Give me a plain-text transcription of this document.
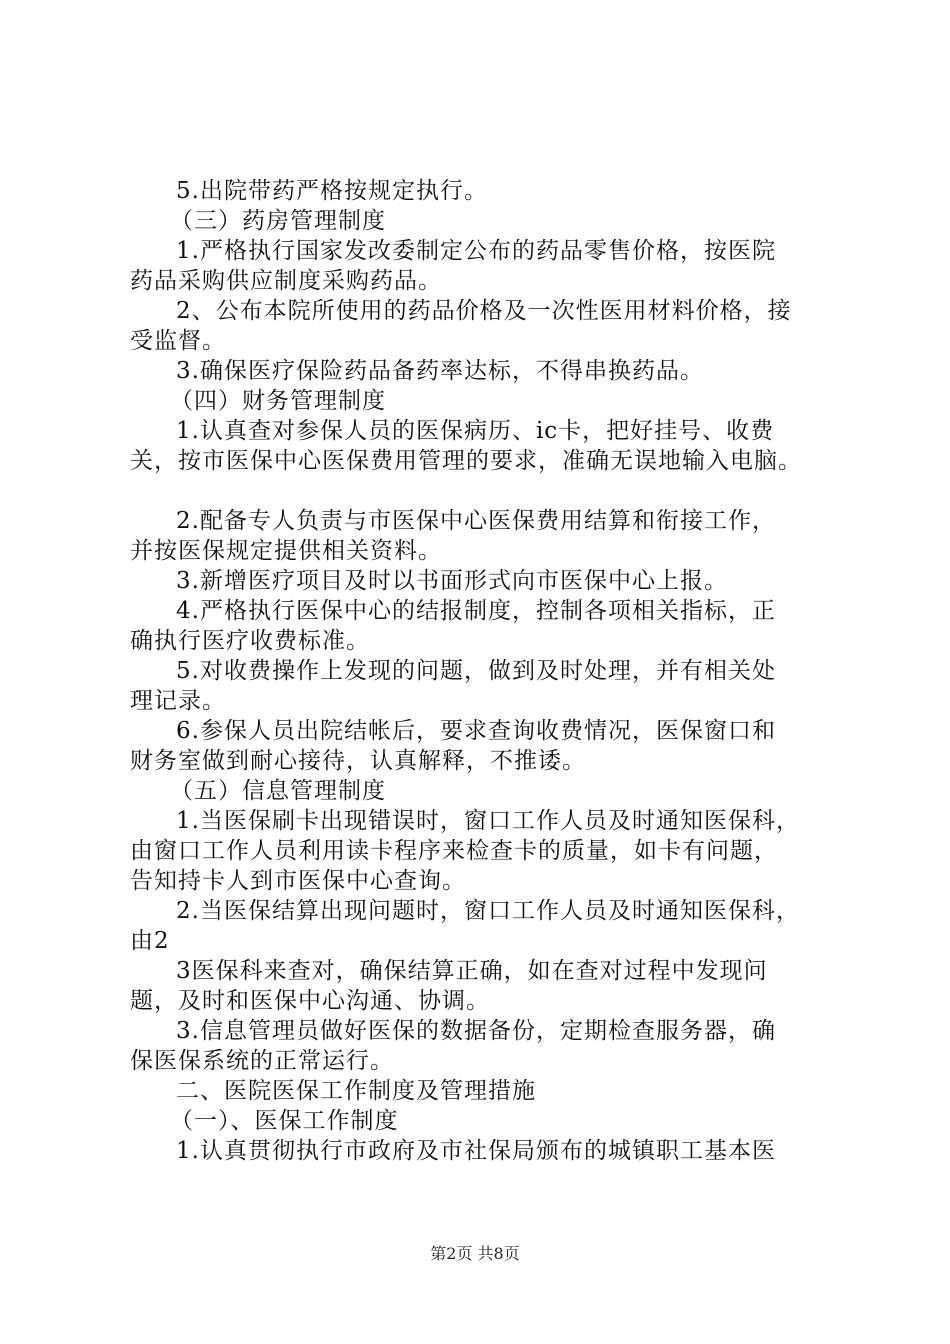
5.出院带药严格按规定执行。
（三）药房管理制度
1.严格执行国家发改委制定公布的药品零售价格，按医院
药品采购供应制度采购药品。
2、公布本院所使用的药品价格及一次性医用材料价格，接
受监督。
3.确保医疗保险药品备药率达标，不得串换药品。
（四）财务管理制度
1.认真查对参保人员的医保病历、ic卡，把好挂号、收费
关，按市医保中心医保费用管理的要求，准确无误地输入电脑。
2.配备专人负责与市医保中心医保费用结算和衔接工作，
并按医保规定提供相关资料。
3.新增医疗项目及时以书面形式向市医保中心上报。
4.严格执行医保中心的结报制度，控制各项相关指标，正
确执行医疗收费标准。
5.对收费操作上发现的问题，做到及时处理，并有相关处
理记录。
6.参保人员出院结帐后，要求查询收费情况，医保窗口和
财务室做到耐心接待，认真解释，不推诿。
（五）信息管理制度
1.当医保刷卡出现错误时，窗口工作人员及时通知医保科，
由窗口工作人员利用读卡程序来检查卡的质量，如卡有问题，
告知持卡人到市医保中心查询。
2.当医保结算出现问题时，窗口工作人员及时通知医保科，
由2
3医保科来查对，确保结算正确，如在查对过程中发现问
题，及时和医保中心沟通、协调。
3.信息管理员做好医保的数据备份，定期检查服务器，确
保医保系统的正常运行。
二、医院医保工作制度及管理措施
（一）、医保工作制度
1.认真贯彻执行市政府及市社保局颁布的城镇职工基本医
第2页 共8页
